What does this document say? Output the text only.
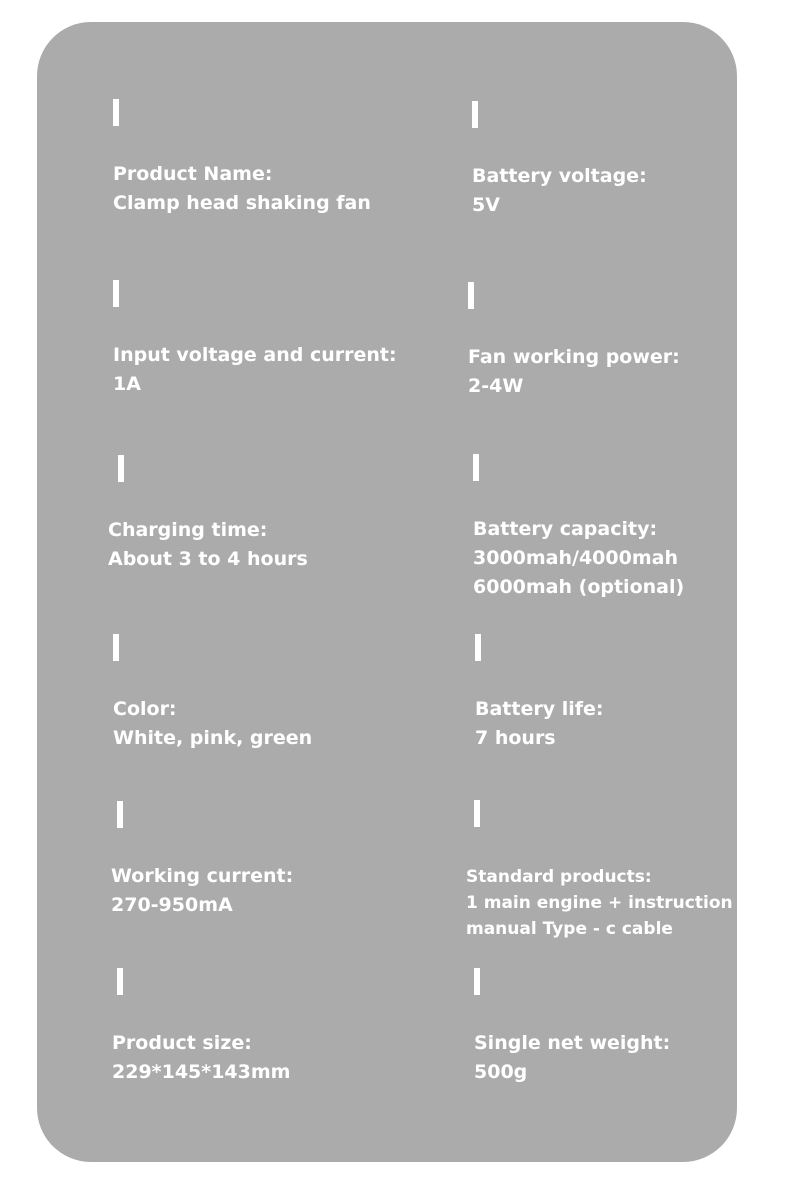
Product Name:
Clamp head shaking fan
Battery voltage:
5V
Input voltage and current:
1A
Fan working power:
2-4W
Charging time:
About 3 to 4 hours
Battery capacity:
3000mah/4000mah
6000mah (optional)
Color:
White, pink, green
Battery life:
7 hours
Working current:
270-950mA
Standard products:
1 main engine + instruction
manual Type - c cable
Product size:
229*145*143mm
Single net weight:
500g
